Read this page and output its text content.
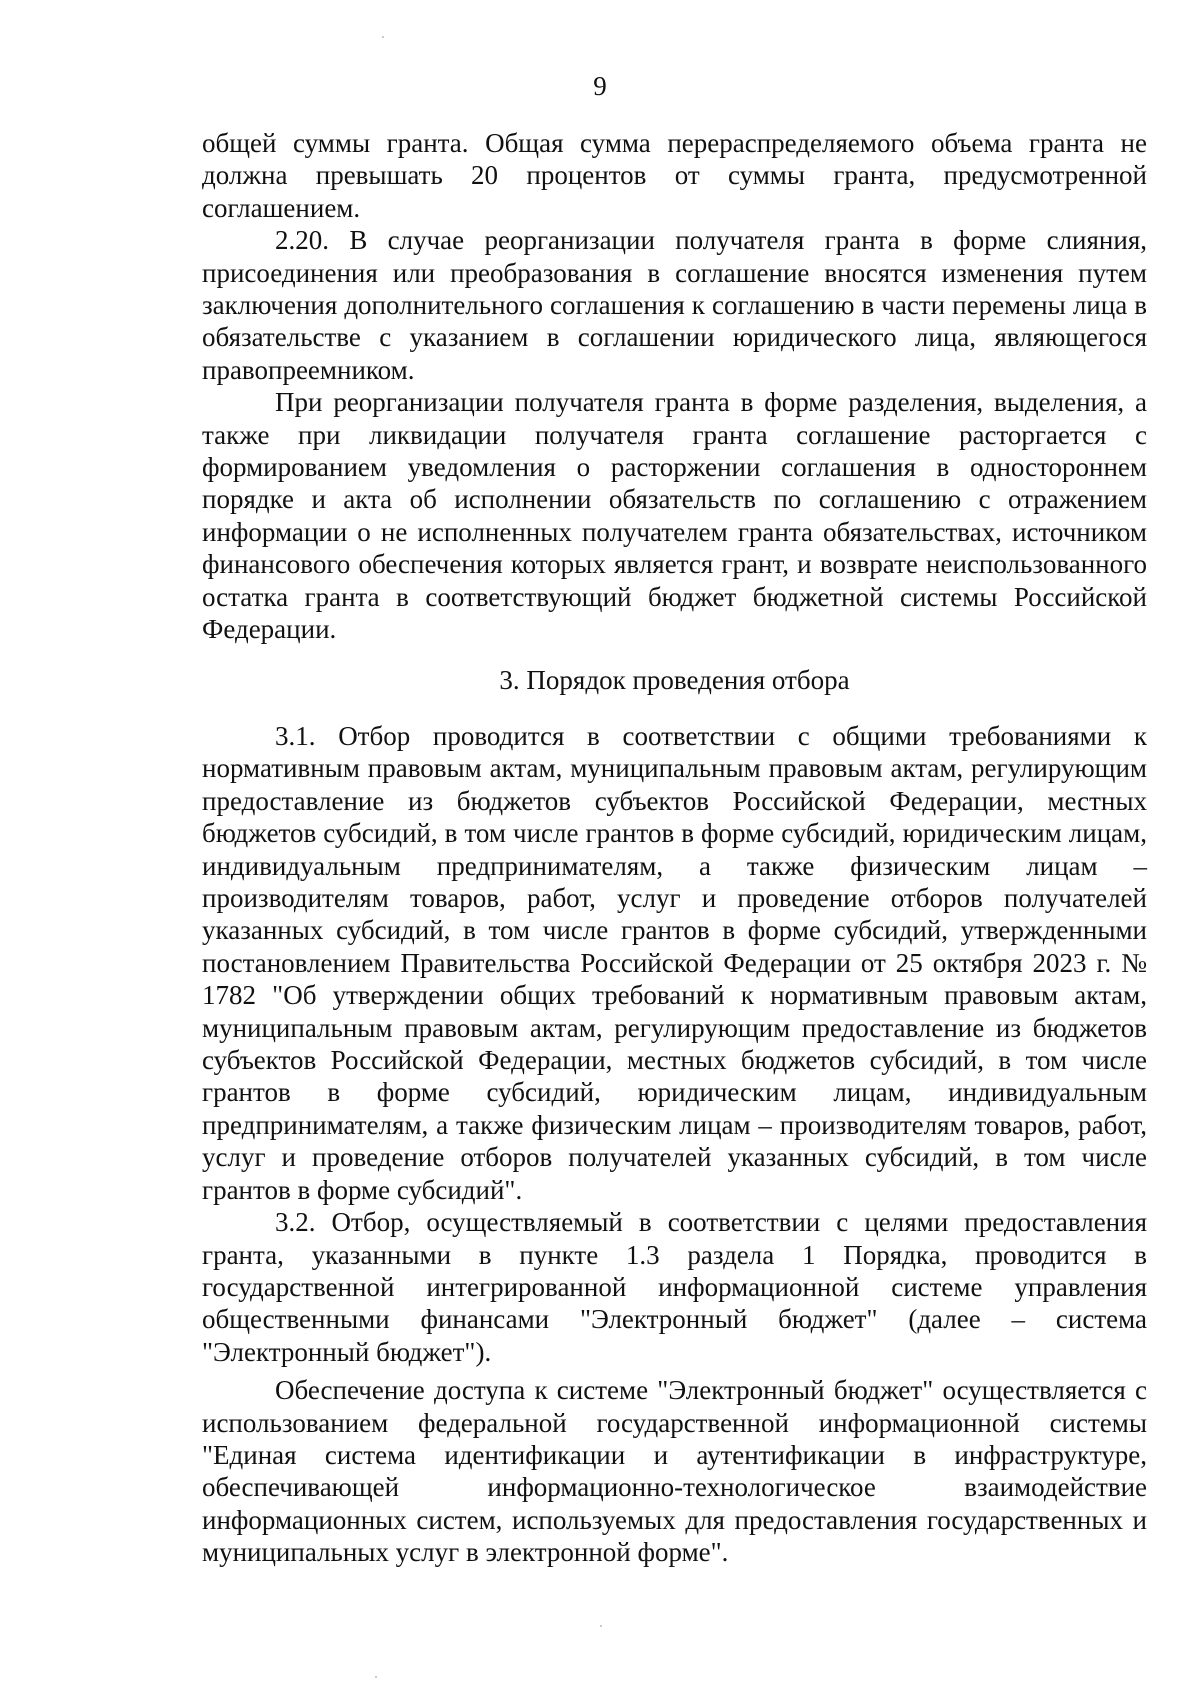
9

общей суммы гранта. Общая сумма перераспределяемого объема гранта не должна превышать 20 процентов от суммы гранта, предусмотренной соглашением.

2.20. В случае реорганизации получателя гранта в форме слияния, присоединения или преобразования в соглашение вносятся изменения путем заключения дополнительного соглашения к соглашению в части перемены лица в обязательстве с указанием в соглашении юридического лица, являющегося правопреемником.

При реорганизации получателя гранта в форме разделения, выделения, а также при ликвидации получателя гранта соглашение расторгается с формированием уведомления о расторжении соглашения в одностороннем порядке и акта об исполнении обязательств по соглашению с отражением информации о не исполненных получателем гранта обязательствах, источником финансового обеспечения которых является грант, и возврате неиспользованного остатка гранта в соответствующий бюджет бюджетной системы Российской Федерации.

3. Порядок проведения отбора

3.1. Отбор проводится в соответствии с общими требованиями к нормативным правовым актам, муниципальным правовым актам, регулирующим предоставление из бюджетов субъектов Российской Федерации, местных бюджетов субсидий, в том числе грантов в форме субсидий, юридическим лицам, индивидуальным предпринимателям, а также физическим лицам – производителям товаров, работ, услуг и проведение отборов получателей указанных субсидий, в том числе грантов в форме субсидий, утвержденными постановлением Правительства Российской Федерации от 25 октября 2023 г. № 1782 "Об утверждении общих требований к нормативным правовым актам, муниципальным правовым актам, регулирующим предоставление из бюджетов субъектов Российской Федерации, местных бюджетов субсидий, в том числе грантов в форме субсидий, юридическим лицам, индивидуальным предпринимателям, а также физическим лицам – производителям товаров, работ, услуг и проведение отборов получателей указанных субсидий, в том числе грантов в форме субсидий".

3.2. Отбор, осуществляемый в соответствии с целями предоставления гранта, указанными в пункте 1.3 раздела 1 Порядка, проводится в государственной интегрированной информационной системе управления общественными финансами "Электронный бюджет" (далее – система "Электронный бюджет").

Обеспечение доступа к системе "Электронный бюджет" осуществляется с использованием федеральной государственной информационной системы "Единая система идентификации и аутентификации в инфраструктуре, обеспечивающей информационно-технологическое взаимодействие информационных систем, используемых для предоставления государственных и муниципальных услуг в электронной форме".
